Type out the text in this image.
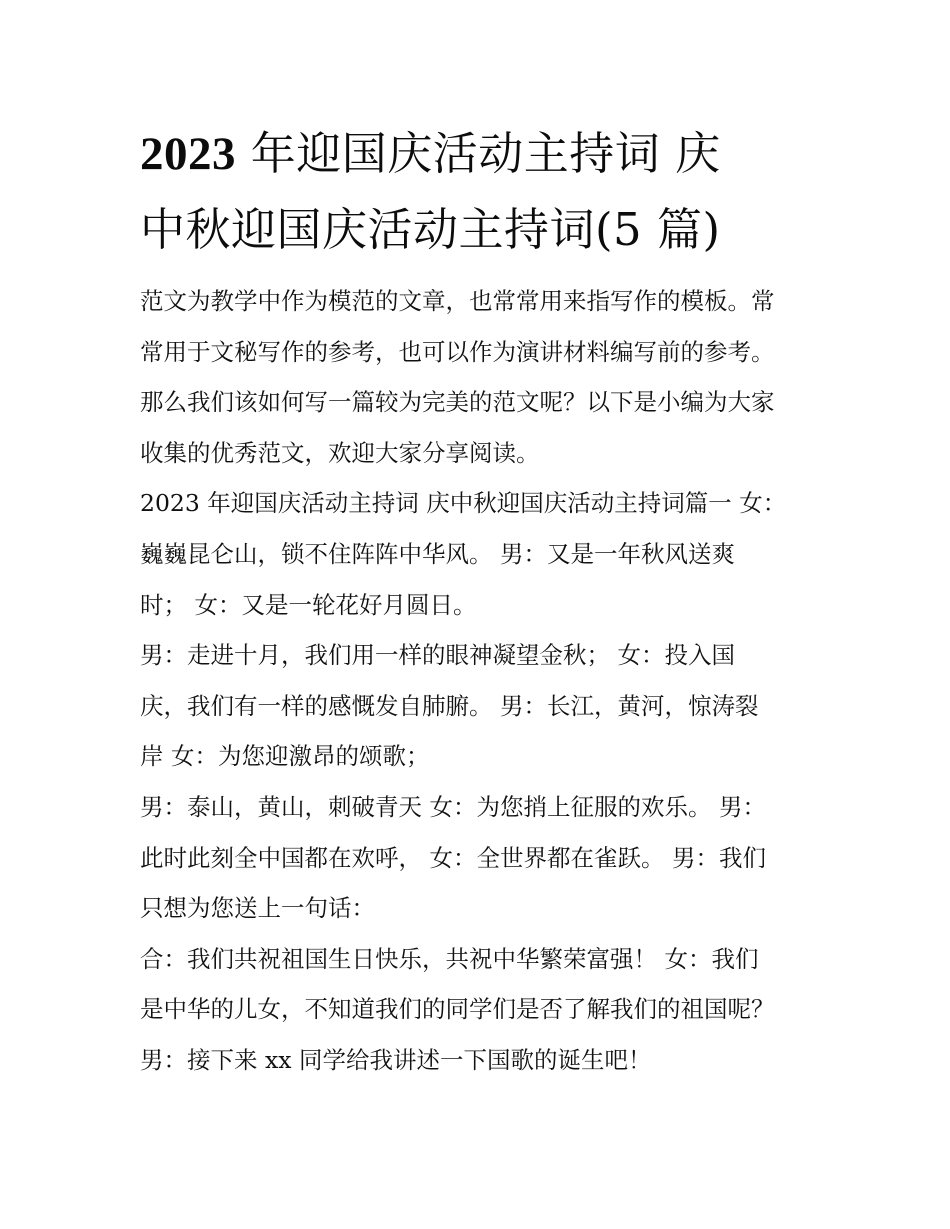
2023 年迎国庆活动主持词 庆
中秋迎国庆活动主持词(5 篇)
范文为教学中作为模范的文章，也常常用来指写作的模板。常
常用于文秘写作的参考，也可以作为演讲材料编写前的参考。
那么我们该如何写一篇较为完美的范文呢？以下是小编为大家
收集的优秀范文，欢迎大家分享阅读。
2023 年迎国庆活动主持词 庆中秋迎国庆活动主持词篇一 女：
巍巍昆仑山，锁不住阵阵中华风。 男：又是一年秋风送爽
时； 女：又是一轮花好月圆日。
男：走进十月，我们用一样的眼神凝望金秋； 女：投入国
庆，我们有一样的感慨发自肺腑。 男：长江，黄河，惊涛裂
岸 女：为您迎激昂的颂歌；
男：泰山，黄山，刺破青天 女：为您捎上征服的欢乐。 男：
此时此刻全中国都在欢呼， 女：全世界都在雀跃。 男：我们
只想为您送上一句话：
合：我们共祝祖国生日快乐，共祝中华繁荣富强！ 女：我们
是中华的儿女，不知道我们的同学们是否了解我们的祖国呢？
男：接下来 xx 同学给我讲述一下国歌的诞生吧！
